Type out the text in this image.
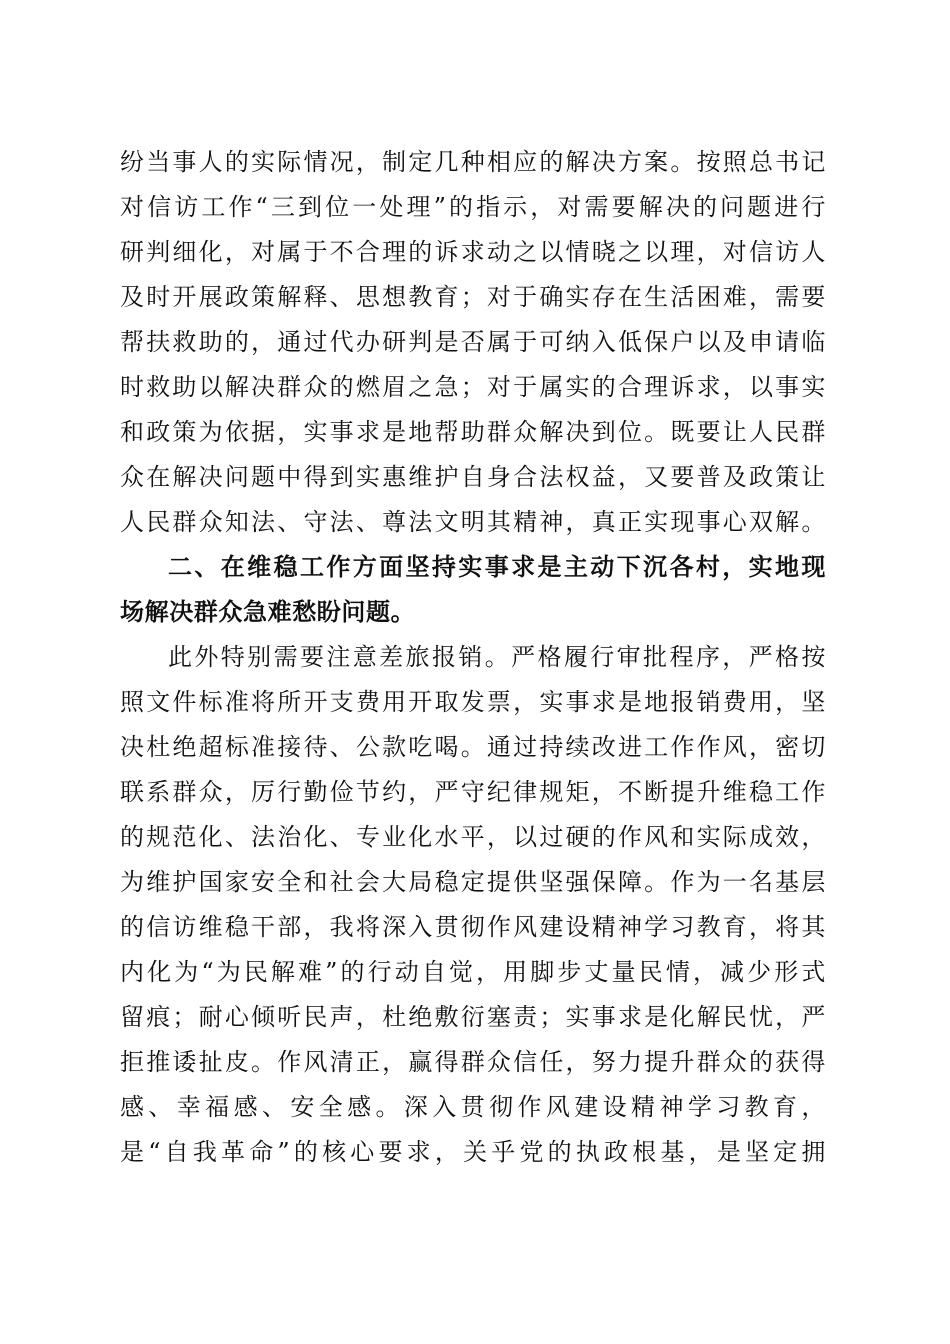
纷当事人的实际情况，制定几种相应的解决方案。按照总书记
对信访工作“三到位一处理”的指示，对需要解决的问题进行
研判细化，对属于不合理的诉求动之以情晓之以理，对信访人
及时开展政策解释、思想教育；对于确实存在生活困难，需要
帮扶救助的，通过代办研判是否属于可纳入低保户以及申请临
时救助以解决群众的燃眉之急；对于属实的合理诉求，以事实
和政策为依据，实事求是地帮助群众解决到位。既要让人民群
众在解决问题中得到实惠维护自身合法权益，又要普及政策让
人民群众知法、守法、尊法文明其精神，真正实现事心双解。
二、在维稳工作方面坚持实事求是主动下沉各村，实地现
场解决群众急难愁盼问题。
此外特别需要注意差旅报销。严格履行审批程序，严格按
照文件标准将所开支费用开取发票，实事求是地报销费用，坚
决杜绝超标准接待、公款吃喝。通过持续改进工作作风，密切
联系群众，厉行勤俭节约，严守纪律规矩，不断提升维稳工作
的规范化、法治化、专业化水平，以过硬的作风和实际成效，
为维护国家安全和社会大局稳定提供坚强保障。作为一名基层
的信访维稳干部，我将深入贯彻作风建设精神学习教育，将其
内化为“为民解难”的行动自觉，用脚步丈量民情，减少形式
留痕；耐心倾听民声，杜绝敷衍塞责；实事求是化解民忧，严
拒推诿扯皮。作风清正，赢得群众信任，努力提升群众的获得
感、幸福感、安全感。深入贯彻作风建设精神学习教育，
是“自我革命”的核心要求，关乎党的执政根基，是坚定拥
